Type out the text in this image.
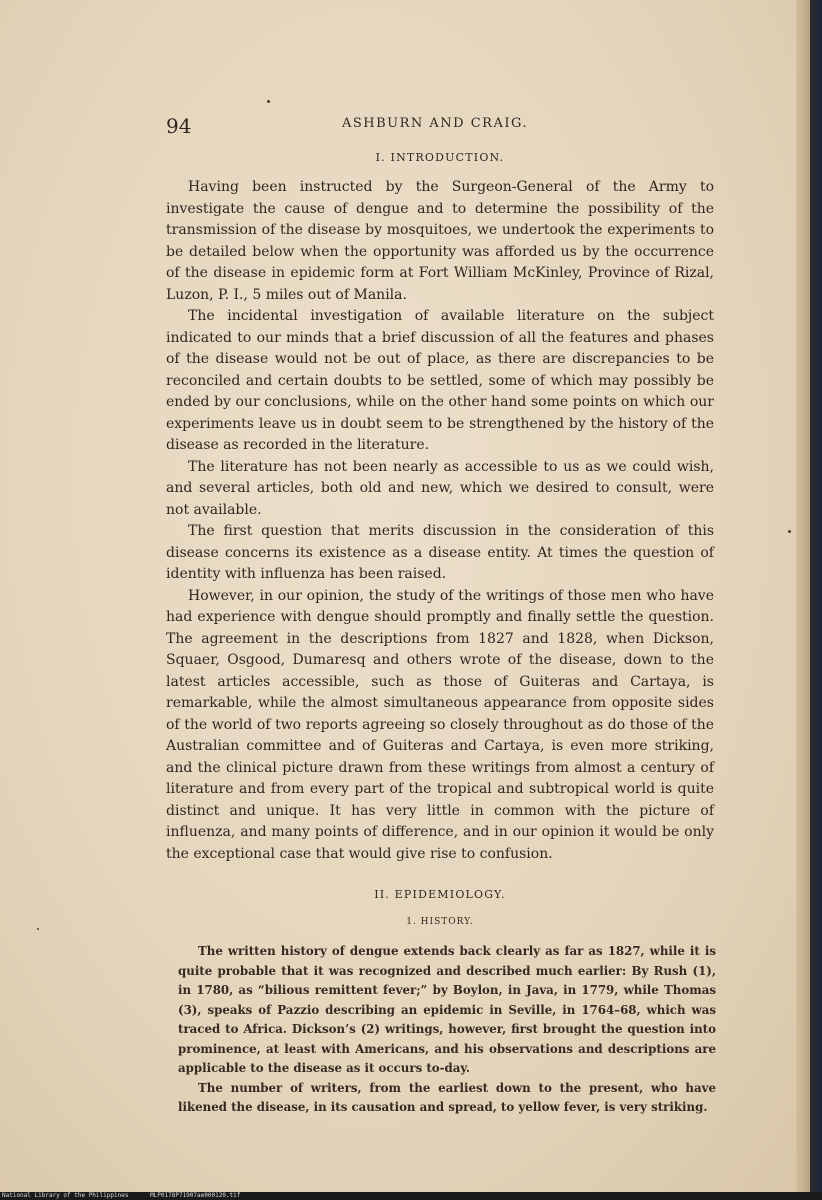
94	ASHBURN AND CRAIG.
I. INTRODUCTION.

Having been instructed by the Surgeon-General of the Army to investigate the cause of dengue and to determine the possibility of the transmission of the disease by mosquitoes, we undertook the experiments to be detailed below when the opportunity was afforded us by the occurrence of the disease in epidemic form at Fort William McKinley, Province of Rizal, Luzon, P. I., 5 miles out of Manila.

The incidental investigation of available literature on the subject indicated to our minds that a brief discussion of all the features and phases of the disease would not be out of place, as there are discrepancies to be reconciled and certain doubts to be settled, some of which may possibly be ended by our conclusions, while on the other hand some points on which our experiments leave us in doubt seem to be strengthened by the history of the disease as recorded in the literature.

The literature has not been nearly as accessible to us as we could wish, and several articles, both old and new, which we desired to consult, were not available.

The first question that merits discussion in the consideration of this disease concerns its existence as a disease entity. At times the question of identity with influenza has been raised.

However, in our opinion, the study of the writings of those men who have had experience with dengue should promptly and finally settle the question. The agreement in the descriptions from 1827 and 1828, when Dickson, Squaer, Osgood, Dumaresq and others wrote of the disease, down to the latest articles accessible, such as those of Guiteras and Cartaya, is remarkable, while the almost simultaneous appearance from opposite sides of the world of two reports agreeing so closely throughout as do those of the Australian committee and of Guiteras and Cartaya, is even more striking, and the clinical picture drawn from these writings from almost a century of literature and from every part of the tropical and subtropical world is quite distinct and unique. It has very little in common with the picture of influenza, and many points of difference, and in our opinion it would be only the exceptional case that would give rise to confusion.

II. EPIDEMIOLOGY.
1. HISTORY.

The written history of dengue extends back clearly as far as 1827, while it is quite probable that it was recognized and described much earlier: By Rush (1), in 1780, as “bilious remittent fever;” by Boylon, in Java, in 1779, while Thomas (3), speaks of Pazzio describing an epidemic in Seville, in 1764–68, which was traced to Africa. Dickson’s (2) writings, however, first brought the question into prominence, at least with Americans, and his observations and descriptions are applicable to the disease as it occurs to-day.

The number of writers, from the earliest down to the present, who have likened the disease, in its causation and spread, to yellow fever, is very striking.

National Library of the Philippines	MLP0178P71907ae000120.tif
